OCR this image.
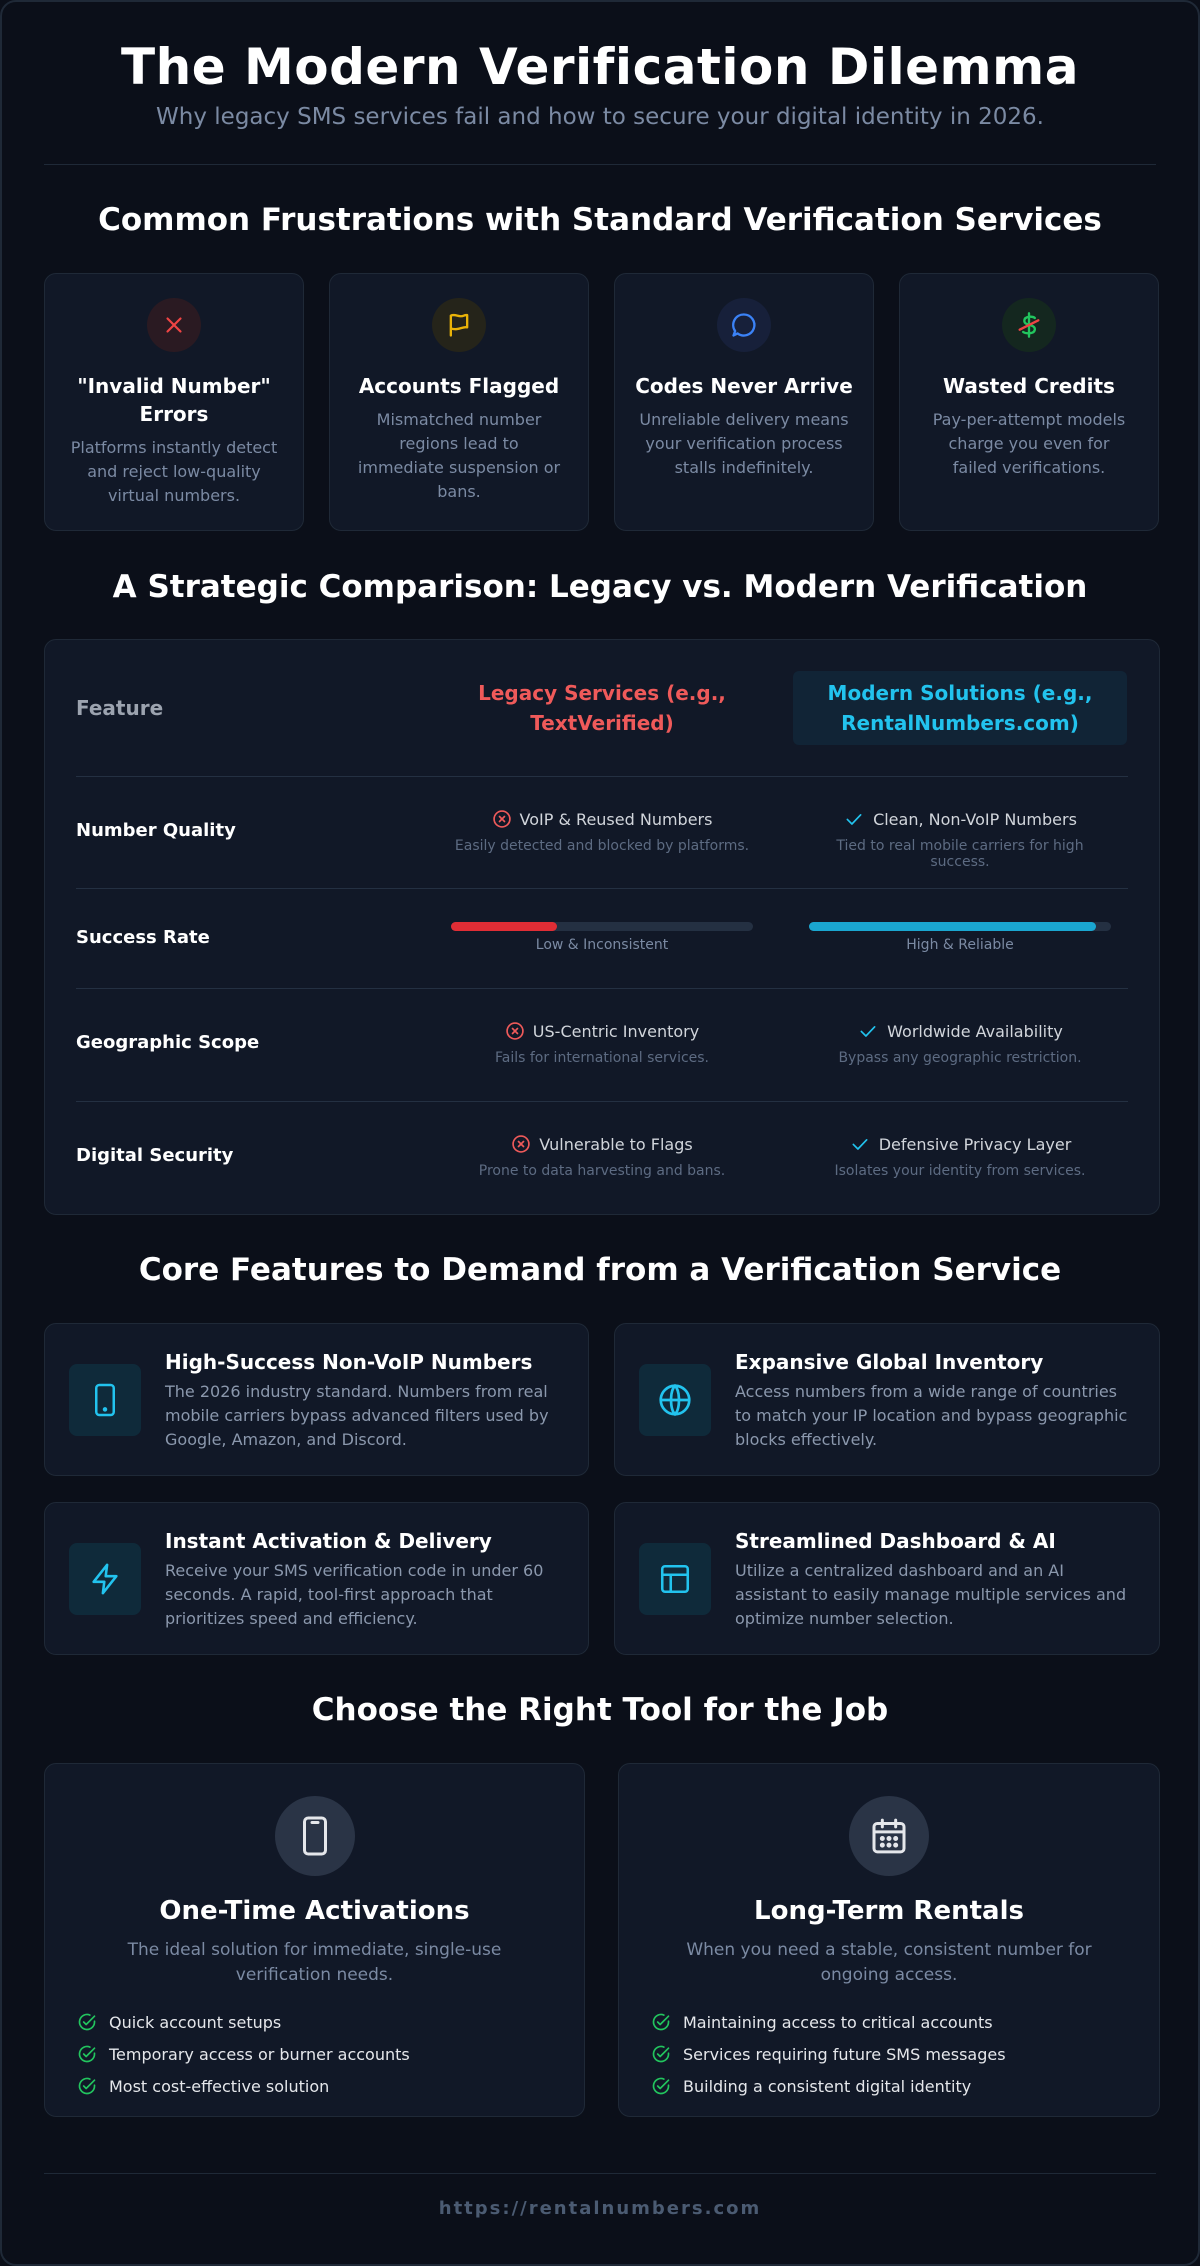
The Modern Verification Dilemma
Why legacy SMS services fail and how to secure your digital identity in 2026.
Common Frustrations with Standard Verification Services
"Invalid Number" Errors
Platforms instantly detect and reject low-quality virtual numbers.
Accounts Flagged
Mismatched number regions lead to immediate suspension or bans.
Codes Never Arrive
Unreliable delivery means your verification process stalls indefinitely.
Wasted Credits
Pay-per-attempt models charge you even for failed verifications.
A Strategic Comparison: Legacy vs. Modern Verification
Feature
Legacy Services (e.g., TextVerified)
Modern Solutions (e.g., RentalNumbers.com)
Number Quality
VoIP & Reused Numbers
Easily detected and blocked by platforms.
Clean, Non-VoIP Numbers
Tied to real mobile carriers for high success.
Success Rate	Low & Inconsistent	High & Reliable
Geographic Scope
US-Centric Inventory
Fails for international services.
Worldwide Availability
Bypass any geographic restriction.
Digital Security
Vulnerable to Flags
Prone to data harvesting and bans.
Defensive Privacy Layer
Isolates your identity from services.
Core Features to Demand from a Verification Service
High-Success Non-VoIP Numbers
The 2026 industry standard. Numbers from real mobile carriers bypass advanced filters used by Google, Amazon, and Discord.
Expansive Global Inventory
Access numbers from a wide range of countries to match your IP location and bypass geographic blocks effectively.
Instant Activation & Delivery
Receive your SMS verification code in under 60 seconds. A rapid, tool-first approach that prioritizes speed and efficiency.
Streamlined Dashboard & AI
Utilize a centralized dashboard and an AI assistant to easily manage multiple services and optimize number selection.
Choose the Right Tool for the Job
One-Time Activations
The ideal solution for immediate, single-use verification needs.
Quick account setups
Temporary access or burner accounts
Most cost-effective solution
Long-Term Rentals
When you need a stable, consistent number for ongoing access.
Maintaining access to critical accounts
Services requiring future SMS messages
Building a consistent digital identity
https://rentalnumbers.com
